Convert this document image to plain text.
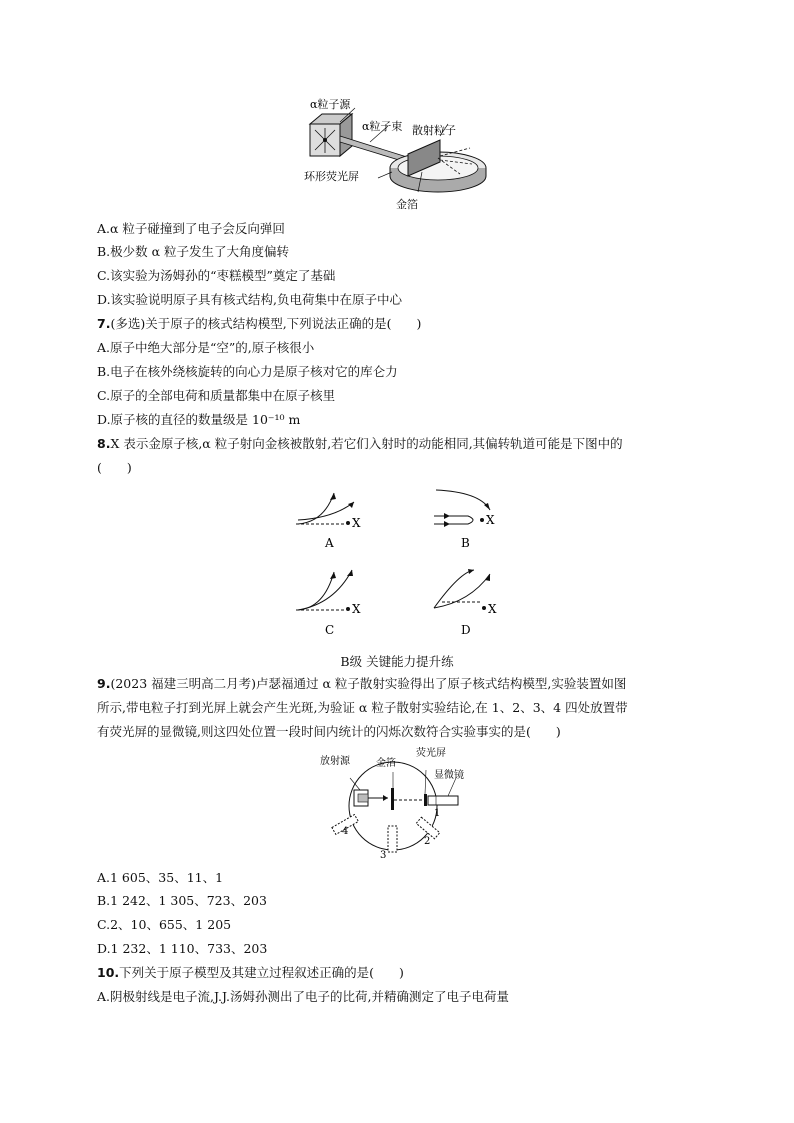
α粒子源
α粒子束 散射粒子
环形荧光屏
金箔
A.α 粒子碰撞到了电子会反向弹回
B.极少数 α 粒子发生了大角度偏转
C.该实验为汤姆孙的“枣糕模型”奠定了基础
D.该实验说明原子具有核式结构,负电荷集中在原子中心
7.(多选)关于原子的核式结构模型,下列说法正确的是(　　)
A.原子中绝大部分是“空”的,原子核很小
B.电子在核外绕核旋转的向心力是原子核对它的库仑力
C.原子的全部电荷和质量都集中在原子核里
D.原子核的直径的数量级是 10⁻¹⁰ m
8.X 表示金原子核,α 粒子射向金核被散射,若它们入射时的动能相同,其偏转轨道可能是下图中的
(　　)
X
A
X
B
X
C
X
D
B级 关键能力提升练
9.(2023 福建三明高二月考)卢瑟福通过 α 粒子散射实验得出了原子核式结构模型,实验装置如图
所示,带电粒子打到光屏上就会产生光斑,为验证 α 粒子散射实验结论,在 1、2、3、4 四处放置带
有荧光屏的显微镜,则这四处位置一段时间内统计的闪烁次数符合实验事实的是(　　)
放射源	金箔
荧光屏
显微镜
1
2
3
4
A.1 605、35、11、1
B.1 242、1 305、723、203
C.2、10、655、1 205
D.1 232、1 110、733、203
10.下列关于原子模型及其建立过程叙述正确的是(　　)
A.阴极射线是电子流,J.J.汤姆孙测出了电子的比荷,并精确测定了电子电荷量
